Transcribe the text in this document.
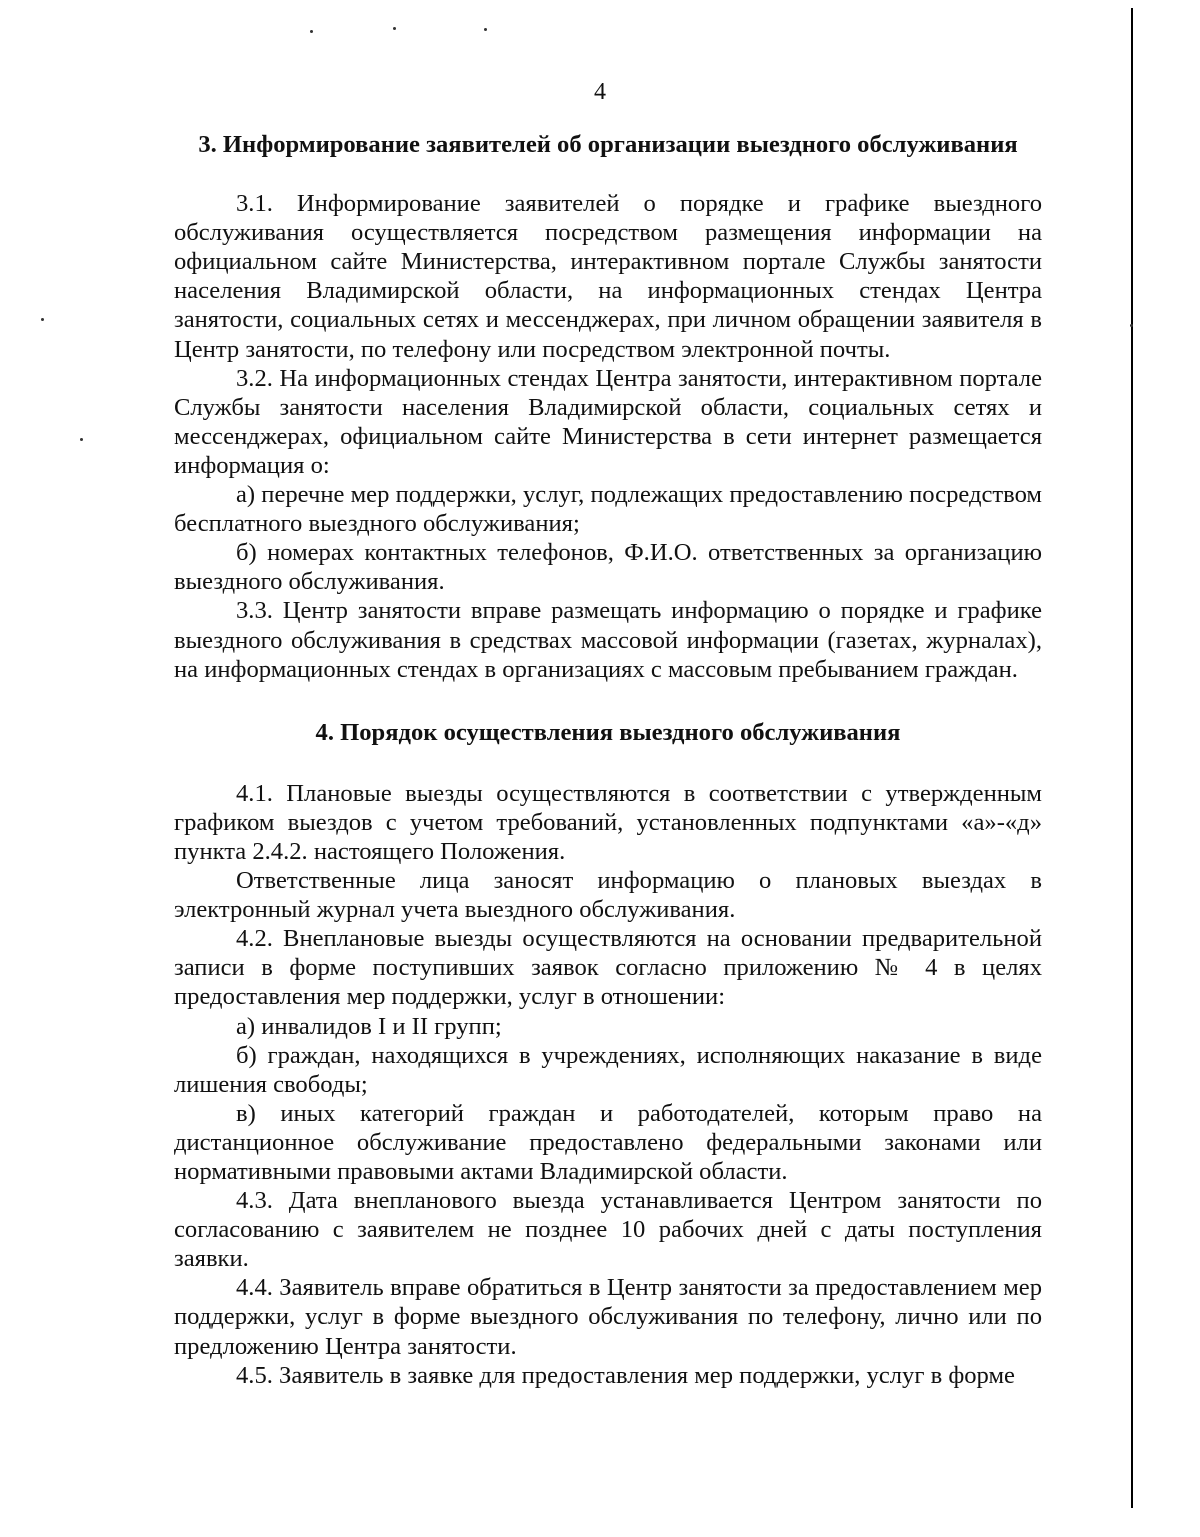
4
3. Информирование заявителей об организации выездного обслуживания

3.1. Информирование заявителей о порядке и графике выездного обслуживания осуществляется посредством размещения информации на официальном сайте Министерства, интерактивном портале Службы занятости населения Владимирской области, на информационных стендах Центра занятости, социальных сетях и мессенджерах, при личном обращении заявителя в Центр занятости, по телефону или посредством электронной почты.

3.2. На информационных стендах Центра занятости, интерактивном портале Службы занятости населения Владимирской области, социальных сетях и мессенджерах, официальном сайте Министерства в сети интернет размещается информация о:

а) перечне мер поддержки, услуг, подлежащих предоставлению посредством бесплатного выездного обслуживания;

б) номерах контактных телефонов, Ф.И.О. ответственных за организацию выездного обслуживания.

3.3. Центр занятости вправе размещать информацию о порядке и графике выездного обслуживания в средствах массовой информации (газетах, журналах), на информационных стендах в организациях с массовым пребыванием граждан.

4. Порядок осуществления выездного обслуживания

4.1. Плановые выезды осуществляются в соответствии с утвержденным графиком выездов с учетом требований, установленных подпунктами «а»-«д» пункта 2.4.2. настоящего Положения.

Ответственные лица заносят информацию о плановых выездах в электронный журнал учета выездного обслуживания.

4.2. Внеплановые выезды осуществляются на основании предварительной записи в форме поступивших заявок согласно приложению № 4 в целях предоставления мер поддержки, услуг в отношении:

а) инвалидов I и II групп;

б) граждан, находящихся в учреждениях, исполняющих наказание в виде лишения свободы;

в) иных категорий граждан и работодателей, которым право на дистанционное обслуживание предоставлено федеральными законами или нормативными правовыми актами Владимирской области.

4.3. Дата внепланового выезда устанавливается Центром занятости по согласованию с заявителем не позднее 10 рабочих дней с даты поступления заявки.

4.4. Заявитель вправе обратиться в Центр занятости за предоставлением мер поддержки, услуг в форме выездного обслуживания по телефону, лично или по предложению Центра занятости.

4.5. Заявитель в заявке для предоставления мер поддержки, услуг в форме
